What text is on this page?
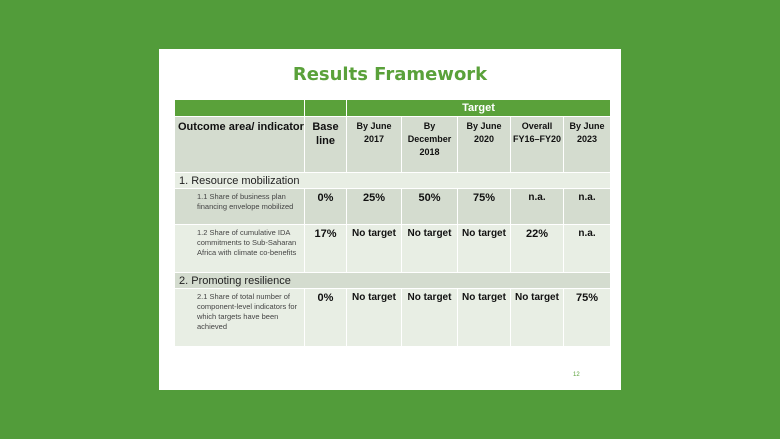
Results Framework
		Target				
Outcome area/ indicator	Base line	By June 2017	By December 2018	By June 2020	Overall FY16–FY20	By June 2023
1. Resource mobilization						
1.1 Share of business plan financing envelope mobilized	0%	25%	50%	75%	n.a.	n.a.
1.2 Share of cumulative IDA commitments to Sub-Saharan Africa with climate co-benefits	17%	No target	No target	No target	22%	n.a.
2. Promoting resilience						
2.1 Share of total number of component-level indicators for which targets have been achieved	0%	No target	No target	No target	No target	75%
12
